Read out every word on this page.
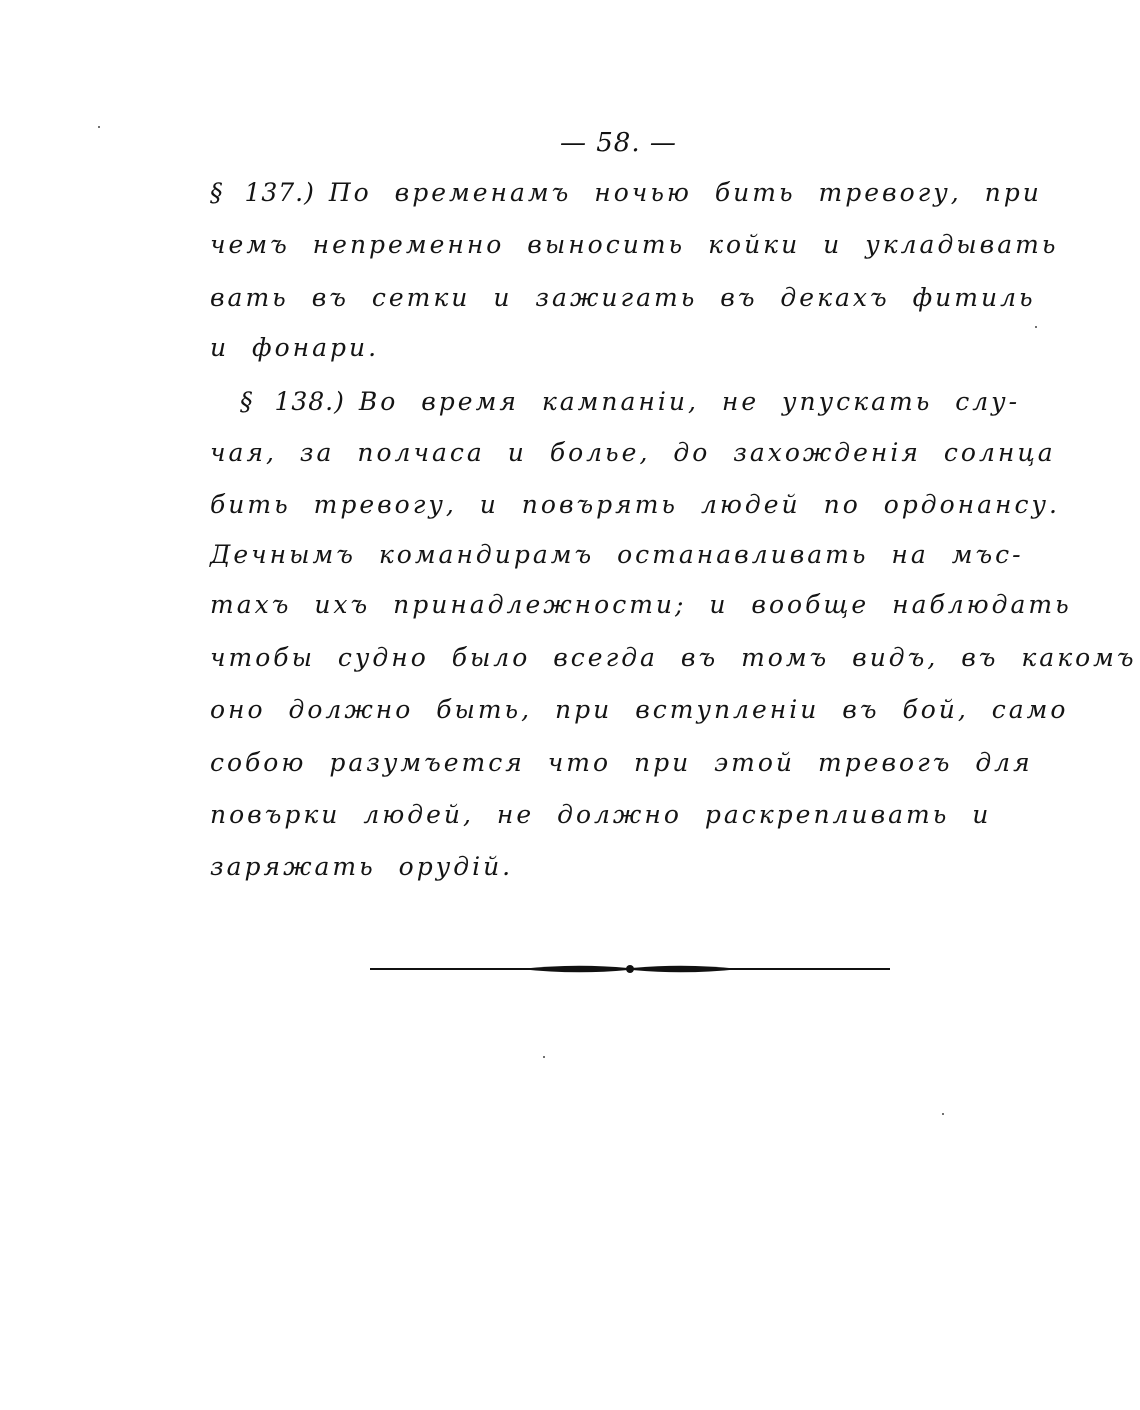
— 58. —
§ 137.) По временамъ ночью бить тревогу, при
чемъ непременно выносить койки и укладывать
вать въ сетки и зажигать въ декахъ фитиль
и фонари.
§ 138.) Во время кампаніи, не упускать слу-
чая, за полчаса и болье, до захожденія солнца
бить тревогу, и повърять людей по ордонансу.
Дечнымъ командирамъ останавливать на мъс-
тахъ ихъ принадлежности; и вообще наблюдать
чтобы судно было всегда въ томъ видъ, въ какомъ
оно должно быть, при вступленіи въ бой, само
собою разумъется что при этой тревогъ для
повърки людей, не должно раскрепливать и
заряжать орудій.
